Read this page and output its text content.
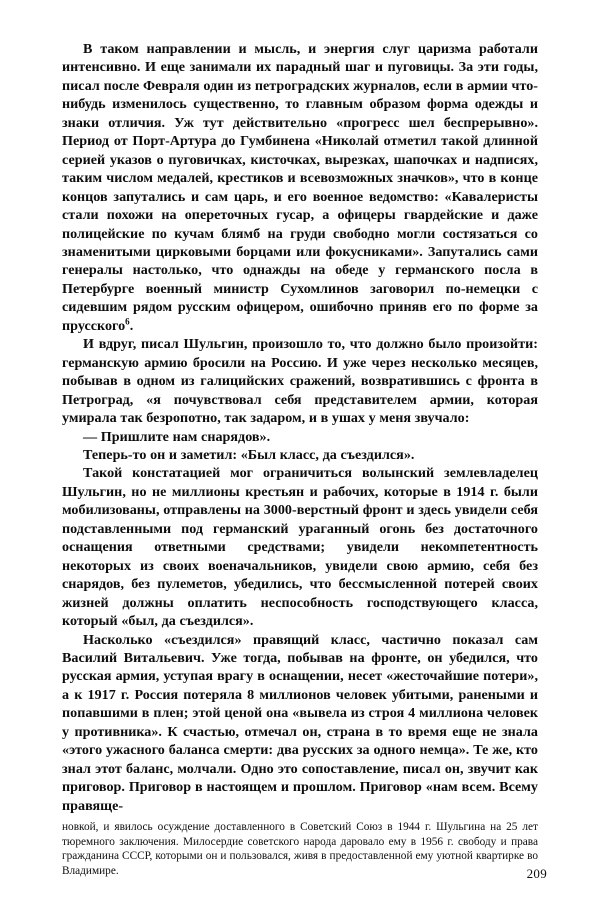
В таком направлении и мысль, и энергия слуг царизма работали интенсивно. И еще занимали их парадный шаг и пуговицы. За эти годы, писал после Февраля один из петроградских журналов, если в армии что-нибудь изменилось существенно, то главным образом форма одежды и знаки отличия. Уж тут действительно «прогресс шел беспрерывно». Период от Порт-Артура до Гумбинена «Николай отметил такой длинной серией указов о пуговичках, кисточках, вырезках, шапочках и надписях, таким числом медалей, крестиков и всевозможных значков», что в конце концов запутались и сам царь, и его военное ведомство: «Кавалеристы стали похожи на опереточных гусар, а офицеры гвардейские и даже полицейские по кучам блямб на груди свободно могли состязаться со знаменитыми цирковыми борцами или фокусниками». Запутались сами генералы настолько, что однажды на обеде у германского посла в Петербурге военный министр Сухомлинов заговорил по-немецки с сидевшим рядом русским офицером, ошибочно приняв его по форме за прусского$^6$.

И вдруг, писал Шульгин, произошло то, что должно было произойти: германскую армию бросили на Россию. И уже через несколько месяцев, побывав в одном из галицийских сражений, возвратившись с фронта в Петроград, «я почувствовал себя представителем армии, которая умирала так безропотно, так задаром, и в ушах у меня звучало:

— Пришлите нам снарядов».

Теперь-то он и заметил: «Был класс, да съездился».

Такой констатацией мог ограничиться волынский землевладелец Шульгин, но не миллионы крестьян и рабочих, которые в 1914 г. были мобилизованы, отправлены на 3000-верстный фронт и здесь увидели себя подставленными под германский ураганный огонь без достаточного оснащения ответными средствами; увидели некомпетентность некоторых из своих военачальников, увидели свою армию, себя без снарядов, без пулеметов, убедились, что бессмысленной потерей своих жизней должны оплатить неспособность господствующего класса, который «был, да съездился».

Насколько «съездился» правящий класс, частично показал сам Василий Витальевич. Уже тогда, побывав на фронте, он убедился, что русская армия, уступая врагу в оснащении, несет «жесточайшие потери», а к 1917 г. Россия потеряла 8 миллионов человек убитыми, ранеными и попавшими в плен; этой ценой она «вывела из строя 4 миллиона человек у противника». К счастью, отмечал он, страна в то время еще не знала «этого ужасного баланса смерти: два русских за одного немца». Те же, кто знал этот баланс, молчали. Одно это сопоставление, писал он, звучит как приговор. Приговор в настоящем и прошлом. Приговор «нам всем. Всему правяще-

новкой, и явилось осуждение доставленного в Советский Союз в 1944 г. Шульгина на 25 лет тюремного заключения. Милосердие советского народа даровало ему в 1956 г. свободу и права гражданина СССР, которыми он и пользовался, живя в предоставленной ему уютной квартирке во Владимире.	209
